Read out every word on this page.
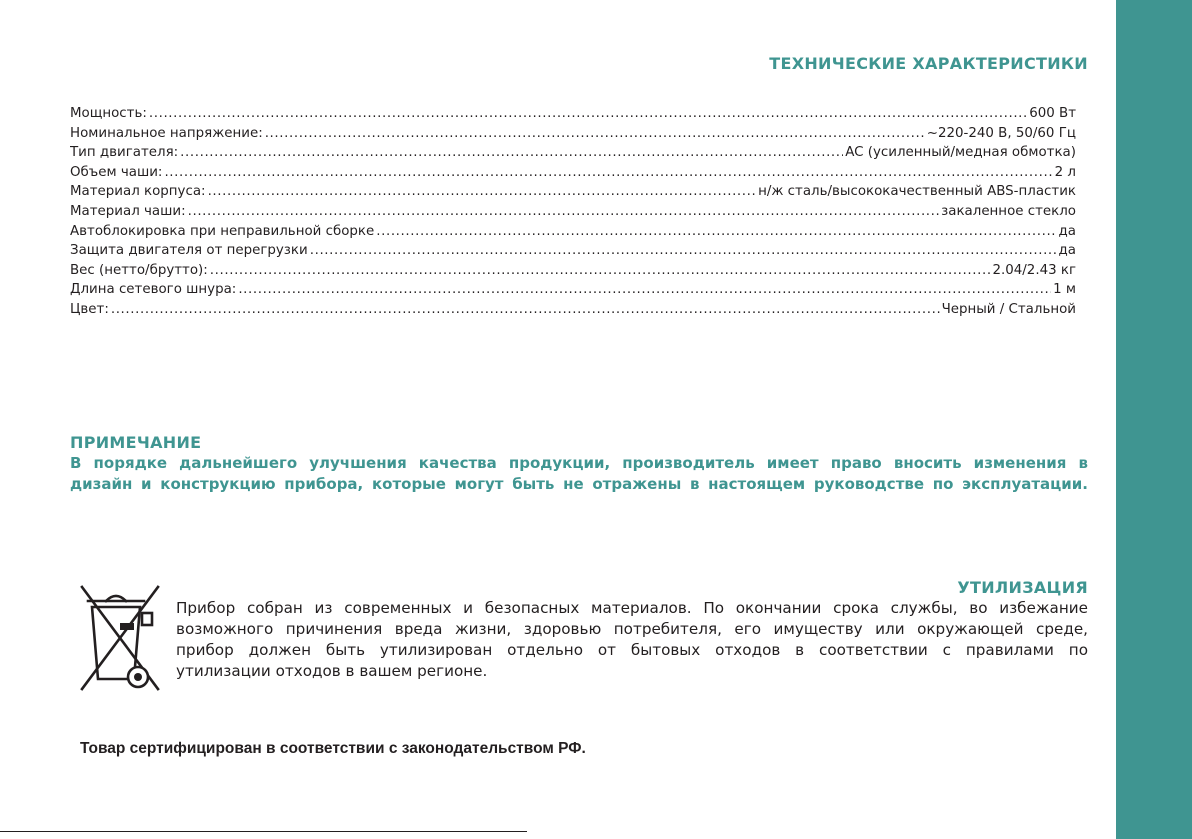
ТЕХНИЧЕСКИЕ ХАРАКТЕРИСТИКИ
Мощность: .....	600 Вт
Номинальное напряжение: .....	~220-240 В, 50/60 Гц
Тип двигателя: .....	AC (усиленный/медная обмотка)
Объем чаши: .....	2 л
Материал корпуса: .....	н/ж сталь/высококачественный ABS-пластик
Материал чаши: .....	закаленное стекло
Автоблокировка при неправильной сборке .....	да
Защита двигателя от перегрузки .....	да
Вес (нетто/брутто): .....	2.04/2.43 кг
Длина сетевого шнура: .....	1 м
Цвет: .....	Черный / Стальной
ПРИМЕЧАНИЕ

В порядке дальнейшего улучшения качества продукции, производитель имеет право вносить изменения в
дизайн и конструкцию прибора, которые могут быть не отражены в настоящем руководстве по эксплуатации.

УТИЛИЗАЦИЯ

Прибор собран из современных и безопасных материалов. По окончании срока службы, во избежание
возможного причинения вреда жизни, здоровью потребителя, его имуществу или окружающей среде,
прибор должен быть утилизирован отдельно от бытовых отходов в соответствии с правилами по
утилизации отходов в вашем регионе.

Товар сертифицирован в соответствии с законодательством РФ.
